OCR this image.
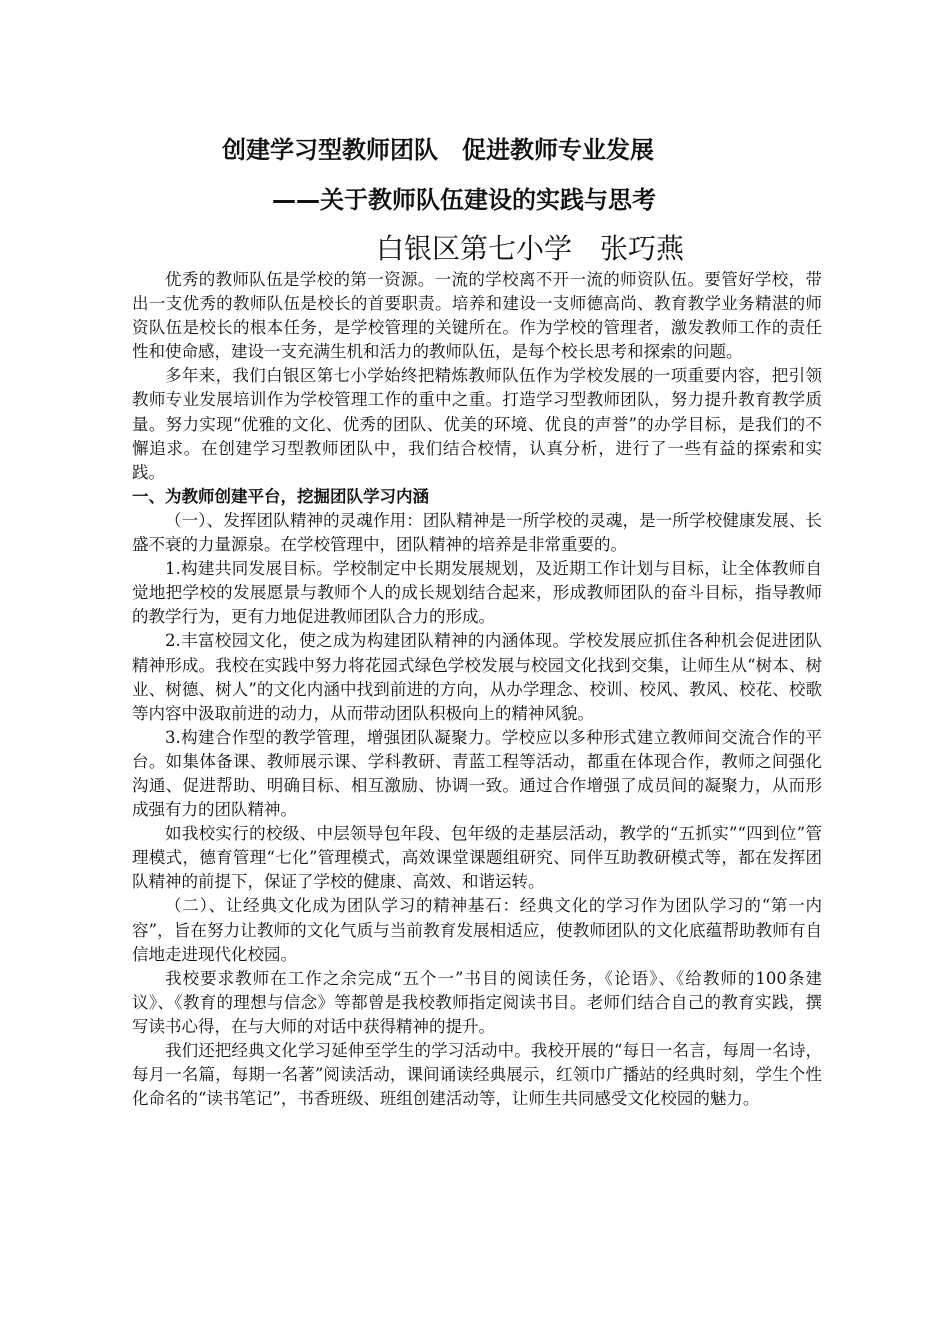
创建学习型教师团队　促进教师专业发展
——关于教师队伍建设的实践与思考
白银区第七小学　张巧燕

优秀的教师队伍是学校的第一资源。一流的学校离不开一流的师资队伍。要管好学校，带出一支优秀的教师队伍是校长的首要职责。培养和建设一支师德高尚、教育教学业务精湛的师资队伍是校长的根本任务，是学校管理的关键所在。作为学校的管理者，激发教师工作的责任性和使命感，建设一支充满生机和活力的教师队伍，是每个校长思考和探索的问题。

多年来，我们白银区第七小学始终把精炼教师队伍作为学校发展的一项重要内容，把引领教师专业发展培训作为学校管理工作的重中之重。打造学习型教师团队，努力提升教育教学质量。努力实现“优雅的文化、优秀的团队、优美的环境、优良的声誉”的办学目标，是我们的不懈追求。在创建学习型教师团队中，我们结合校情，认真分析，进行了一些有益的探索和实践。

一、为教师创建平台，挖掘团队学习内涵

（一）、发挥团队精神的灵魂作用：团队精神是一所学校的灵魂，是一所学校健康发展、长盛不衰的力量源泉。在学校管理中，团队精神的培养是非常重要的。

1.构建共同发展目标。学校制定中长期发展规划，及近期工作计划与目标，让全体教师自觉地把学校的发展愿景与教师个人的成长规划结合起来，形成教师团队的奋斗目标，指导教师的教学行为，更有力地促进教师团队合力的形成。

2.丰富校园文化，使之成为构建团队精神的内涵体现。学校发展应抓住各种机会促进团队精神形成。我校在实践中努力将花园式绿色学校发展与校园文化找到交集，让师生从“树本、树业、树德、树人”的文化内涵中找到前进的方向，从办学理念、校训、校风、教风、校花、校歌等内容中汲取前进的动力，从而带动团队积极向上的精神风貌。

3.构建合作型的教学管理，增强团队凝聚力。学校应以多种形式建立教师间交流合作的平台。如集体备课、教师展示课、学科教研、青蓝工程等活动，都重在体现合作，教师之间强化沟通、促进帮助、明确目标、相互激励、协调一致。通过合作增强了成员间的凝聚力，从而形成强有力的团队精神。

如我校实行的校级、中层领导包年段、包年级的走基层活动，教学的“五抓实”“四到位”管理模式，德育管理“七化”管理模式，高效课堂课题组研究、同伴互助教研模式等，都在发挥团队精神的前提下，保证了学校的健康、高效、和谐运转。

（二）、让经典文化成为团队学习的精神基石：经典文化的学习作为团队学习的“第一内容”，旨在努力让教师的文化气质与当前教育发展相适应，使教师团队的文化底蕴帮助教师有自信地走进现代化校园。

我校要求教师在工作之余完成“五个一”书目的阅读任务，《论语》、《给教师的100条建议》、《教育的理想与信念》等都曾是我校教师指定阅读书目。老师们结合自己的教育实践，撰写读书心得，在与大师的对话中获得精神的提升。

我们还把经典文化学习延伸至学生的学习活动中。我校开展的“每日一名言，每周一名诗，每月一名篇，每期一名著”阅读活动，课间诵读经典展示，红领巾广播站的经典时刻，学生个性化命名的“读书笔记”，书香班级、班组创建活动等，让师生共同感受文化校园的魅力。
